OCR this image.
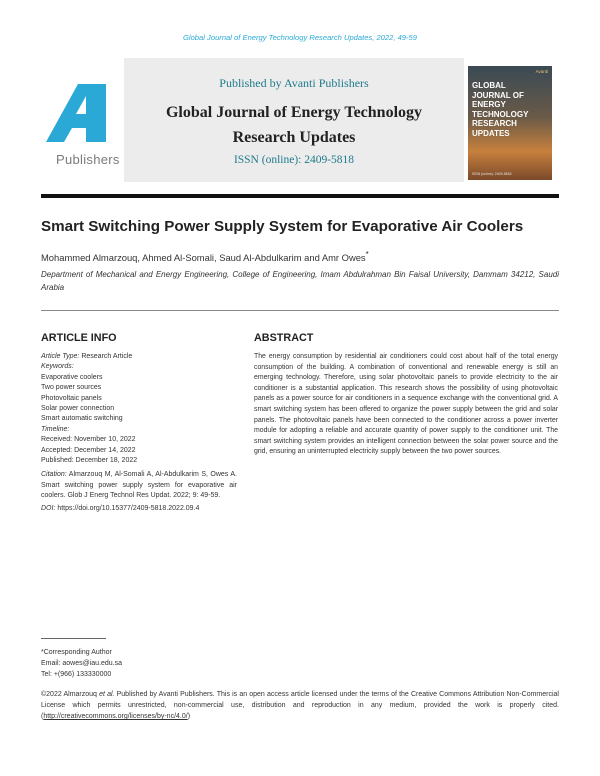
Global Journal of Energy Technology Research Updates, 2022, 49-59
Publishers
Published by Avanti Publishers
Global Journal of Energy Technology
Research Updates
ISSN (online): 2409-5818
Avanti
GLOBAL
JOURNAL OF
ENERGY
TECHNOLOGY
RESEARCH
UPDATES
ISSN (online): 2409-5818
Smart Switching Power Supply System for Evaporative Air Coolers
Mohammed Almarzouq, Ahmed Al-Somali, Saud Al-Abdulkarim and Amr Owes*
Department of Mechanical and Energy Engineering, College of Engineering, Imam Abdulrahman Bin Faisal University, Dammam 34212, Saudi Arabia
ARTICLE INFO	ABSTRACT
Article Type: Research Article
Keywords:
Evaporative coolers
Two power sources
Photovoltaic panels
Solar power connection
Smart automatic switching
Timeline:
Received: November 10, 2022
Accepted: December 14, 2022
Published: December 18, 2022
Citation: Almarzouq M, Al-Somali A, Al-Abdulkarim S, Owes A. Smart switching power supply system for evaporative air coolers. Glob J Energ Technol Res Updat. 2022; 9: 49-59.
DOI: https://doi.org/10.15377/2409-5818.2022.09.4
The energy consumption by residential air conditioners could cost about half of the total energy consumption of the building. A combination of conventional and renewable energy is still an emerging technology. Therefore, using solar photovoltaic panels to provide electricity to the air conditioner is a substantial application. This research shows the possibility of using photovoltaic panels as a power source for air conditioners in a sequence exchange with the conventional grid. A smart switching system has been offered to organize the power supply between the grid and solar panels. The photovoltaic panels have been connected to the conditioner across a power inverter module for adopting a reliable and accurate quantity of power supply to the conditioner unit. The smart switching system provides an intelligent connection between the solar power source and the grid, ensuring an uninterrupted electricity supply between the two power sources.
*Corresponding Author
Email: aowes@iau.edu.sa
Tel: +(966) 133330000
©2022 Almarzouq et al. Published by Avanti Publishers. This is an open access article licensed under the terms of the Creative Commons Attribution Non-Commercial License which permits unrestricted, non-commercial use, distribution and reproduction in any medium, provided the work is properly cited. (http://creativecommons.org/licenses/by-nc/4.0/)
